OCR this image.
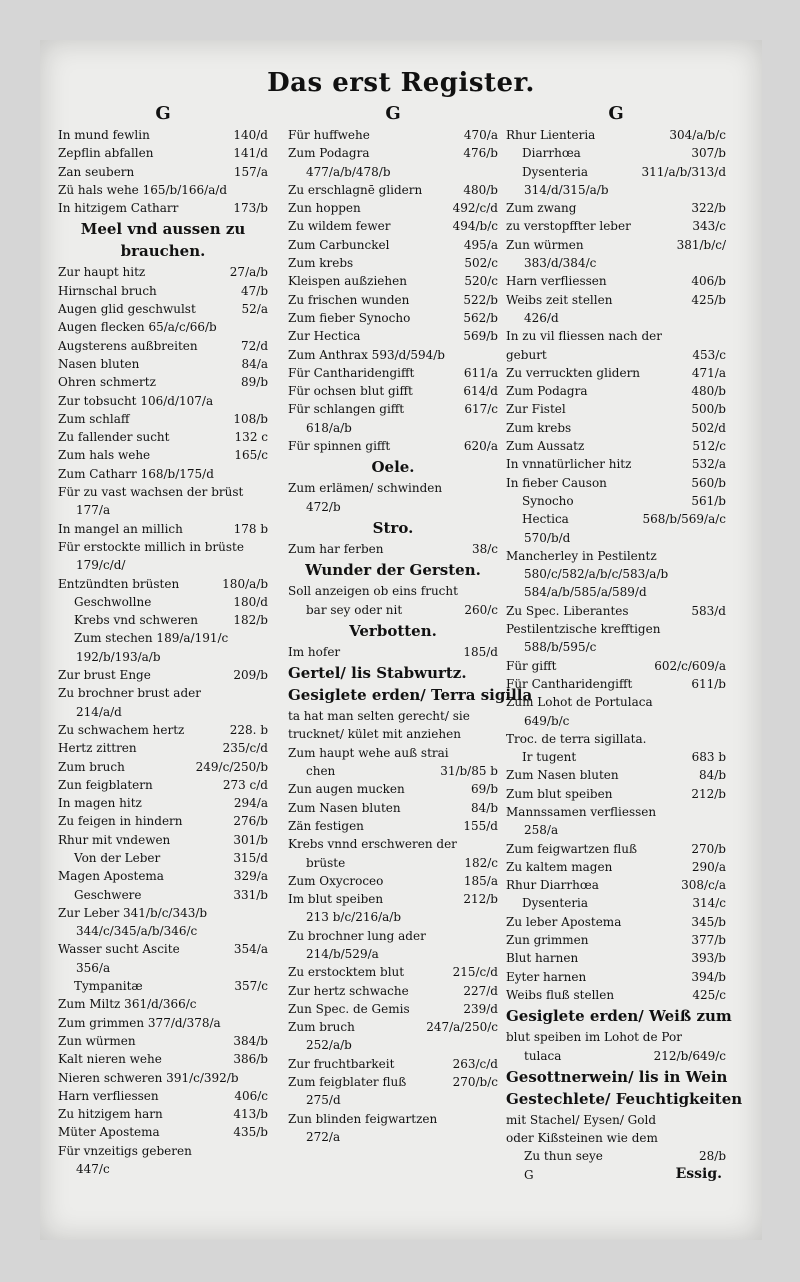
Das erst Register.
G
In mund fewlin	140/d
Zepflin abfallen	141/d
Zan seubern	157/a
Zü hals wehe 165/b/166/a/d
In hitzigem Catharr	173/b
Meel vnd aussen zu
brauchen.
Zur haupt hitz	27/a/b
Hirnschal bruch	47/b
Augen glid geschwulst	52/a
Augen flecken 65/a/c/66/b
Augsterens außbreiten	72/d
Nasen bluten	84/a
Ohren schmertz	89/b
Zur tobsucht 106/d/107/a
Zum schlaff	108/b
Zu fallender sucht	132 c
Zum hals wehe	165/c
Zum Catharr 168/b/175/d
Für zu vast wachsen der brüst
177/a
In mangel an millich	178 b
Für erstockte millich in brüste
179/c/d/
Entzündten brüsten	180/a/b
Geschwollne	180/d
Krebs vnd schweren	182/b
Zum stechen 189/a/191/c
192/b/193/a/b
Zur brust Enge	209/b
Zu brochner brust ader
214/a/d
Zu schwachem hertz	228. b
Hertz zittren	235/c/d
Zum bruch	249/c/250/b
Zun feigblatern	273 c/d
In magen hitz	294/a
Zu feigen in hindern	276/b
Rhur mit vndewen	301/b
Von der Leber	315/d
Magen Apostema	329/a
Geschwere	331/b
Zur Leber 341/b/c/343/b
344/c/345/a/b/346/c
Wasser sucht Ascite	354/a
356/a
Tympanitæ	357/c
Zum Miltz 361/d/366/c
Zum grimmen 377/d/378/a
Zun würmen	384/b
Kalt nieren wehe	386/b
Nieren schweren 391/c/392/b
Harn verfliessen	406/c
Zu hitzigem harn	413/b
Müter Apostema	435/b
Für vnzeitigs geberen
447/c
G
Für huffwehe	470/a
Zum Podagra	476/b
477/a/b/478/b
Zu erschlagnē glidern	480/b
Zun hoppen	492/c/d
Zu wildem fewer	494/b/c
Zum Carbunckel	495/a
Zum krebs	502/c
Kleispen außziehen	520/c
Zu frischen wunden	522/b
Zum fieber Synocho	562/b
Zur Hectica	569/b
Zum Anthrax 593/d/594/b
Für Cantharidengifft	611/a
Für ochsen blut gifft	614/d
Für schlangen gifft	617/c
618/a/b
Für spinnen gifft	620/a
Oele.
Zum erlämen/ schwinden
472/b
Stro.
Zum har ferben	38/c
Wunder der Gersten.
Soll anzeigen ob eins frucht
bar sey oder nit	260/c
Verbotten.
Im hofer	185/d
Gertel/ lis Stabwurtz.
Gesiglete erden/ Terra sigilla
ta hat man selten gerecht/ sie
trucknet/ kület mit anziehen
Zum haupt wehe auß strai
chen	31/b/85 b
Zun augen mucken	69/b
Zum Nasen bluten	84/b
Zän festigen	155/d
Krebs vnnd erschweren der
brüste	182/c
Zum Oxycroceo	185/a
Im blut speiben	212/b
213 b/c/216/a/b
Zu brochner lung ader
214/b/529/a
Zu erstocktem blut	215/c/d
Zur hertz schwache	227/d
Zun Spec. de Gemis	239/d
Zum bruch	247/a/250/c
252/a/b
Zur fruchtbarkeit	263/c/d
Zum feigblater fluß	270/b/c
275/d
Zun blinden feigwartzen
272/a
G
Rhur Lienteria	304/a/b/c
Diarrhœa	307/b
Dysenteria	311/a/b/313/d
314/d/315/a/b
Zum zwang	322/b
zu verstopffter leber	343/c
Zun würmen	381/b/c/
383/d/384/c
Harn verfliessen	406/b
Weibs zeit stellen	425/b
426/d
In zu vil fliessen nach der
geburt	453/c
Zu verruckten glidern	471/a
Zum Podagra	480/b
Zur Fistel	500/b
Zum krebs	502/d
Zum Aussatz	512/c
In vnnatürlicher hitz	532/a
In fieber Causon	560/b
Synocho	561/b
Hectica	568/b/569/a/c
570/b/d
Mancherley in Pestilentz
580/c/582/a/b/c/583/a/b
584/a/b/585/a/589/d
Zu Spec. Liberantes	583/d
Pestilentzische krefftigen
588/b/595/c
Für gifft	602/c/609/a
Für Cantharidengifft	611/b
Zum Lohot de Portulaca
649/b/c
Troc. de terra sigillata.
Ir tugent	683 b
Zum Nasen bluten	84/b
Zum blut speiben	212/b
Mannssamen verfliessen
258/a
Zum feigwartzen fluß	270/b
Zu kaltem magen	290/a
Rhur Diarrhœa	308/c/a
Dysenteria	314/c
Zu leber Apostema	345/b
Zun grimmen	377/b
Blut harnen	393/b
Eyter harnen	394/b
Weibs fluß stellen	425/c
Gesiglete erden/ Weiß zum
blut speiben im Lohot de Por
tulaca	212/b/649/c
Gesottnerwein/ lis in Wein
Gestechlete/ Feuchtigkeiten
mit Stachel/ Eysen/ Gold
oder Kißsteinen wie dem
Zu thun seye	28/b
G	Essig.
